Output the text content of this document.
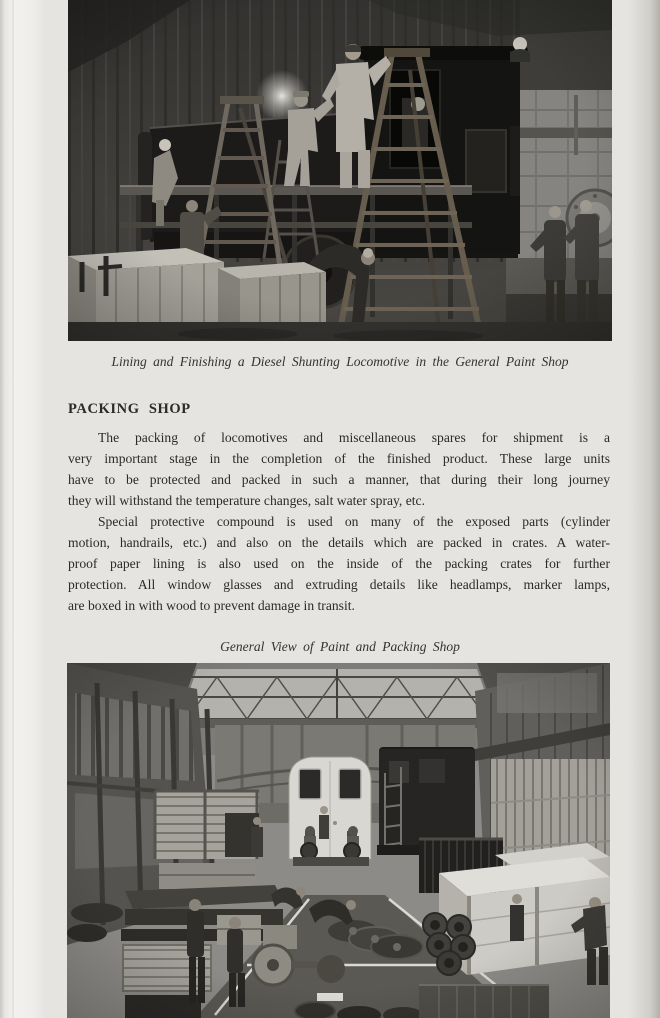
Lining and Finishing a Diesel Shunting Locomotive in the General Paint Shop
PACKING SHOP
The packing of locomotives and miscellaneous spares for shipment is a
very important stage in the completion of the finished product. These large units
have to be protected and packed in such a manner, that during their long journey
they will withstand the temperature changes, salt water spray, etc.
Special protective compound is used on many of the exposed parts (cylinder
motion, handrails, etc.) and also on the details which are packed in crates. A water-
proof paper lining is also used on the inside of the packing crates for further
protection. All window glasses and extruding details like headlamps, marker lamps,
are boxed in with wood to prevent damage in transit.
General View of Paint and Packing Shop
